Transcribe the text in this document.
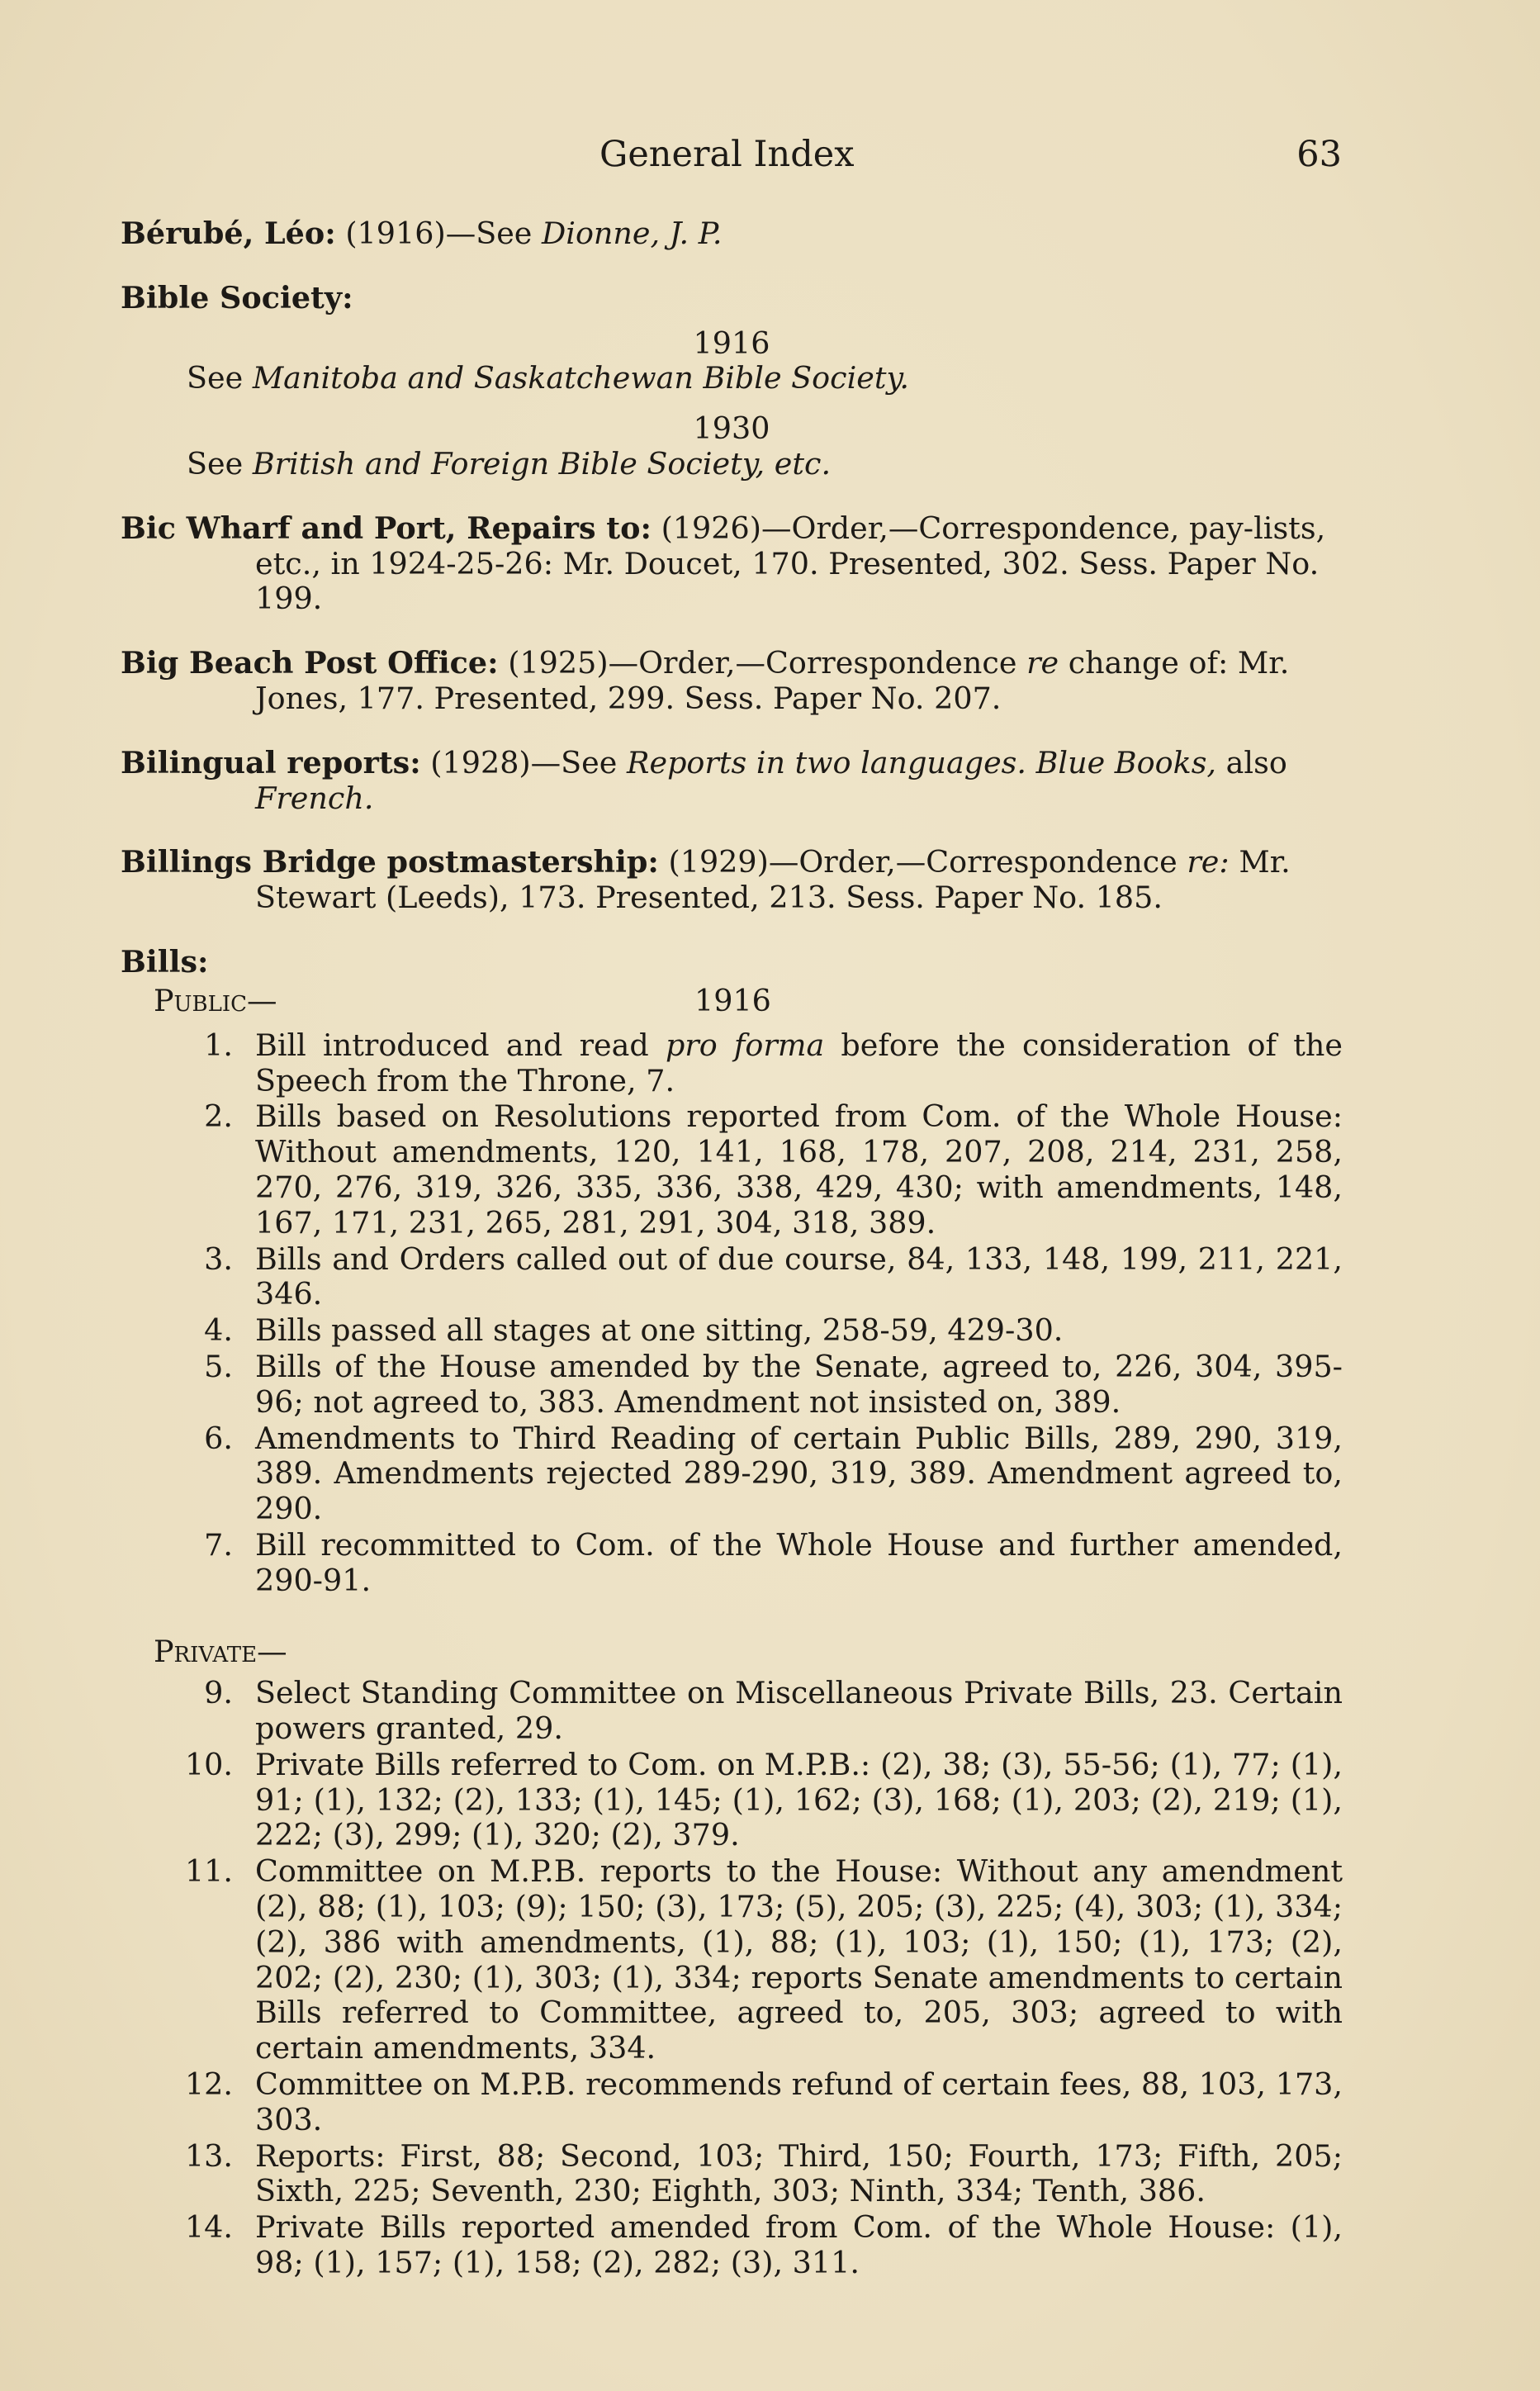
General Index	63
Bérubé, Léo: (1916)—See Dionne, J. P.
Bible Society:
1916
See Manitoba and Saskatchewan Bible Society.
1930
See British and Foreign Bible Society, etc.
Bic Wharf and Port, Repairs to: (1926)—Order,—Correspondence, pay-lists, etc., in 1924-25-26: Mr. Doucet, 170. Presented, 302. Sess. Paper No. 199.
Big Beach Post Office: (1925)—Order,—Correspondence re change of: Mr. Jones, 177. Presented, 299. Sess. Paper No. 207.
Bilingual reports: (1928)—See Reports in two languages. Blue Books, also French.
Billings Bridge postmastership: (1929)—Order,—Correspondence re: Mr. Stewart (Leeds), 173. Presented, 213. Sess. Paper No. 185.
Bills:
Public—	1916
1. Bill introduced and read pro forma before the consideration of the Speech from the Throne, 7.
2. Bills based on Resolutions reported from Com. of the Whole House: Without amendments, 120, 141, 168, 178, 207, 208, 214, 231, 258, 270, 276, 319, 326, 335, 336, 338, 429, 430; with amendments, 148, 167, 171, 231, 265, 281, 291, 304, 318, 389.
3. Bills and Orders called out of due course, 84, 133, 148, 199, 211, 221, 346.
4. Bills passed all stages at one sitting, 258-59, 429-30.
5. Bills of the House amended by the Senate, agreed to, 226, 304, 395-96; not agreed to, 383. Amendment not insisted on, 389.
6. Amendments to Third Reading of certain Public Bills, 289, 290, 319, 389. Amendments rejected 289-290, 319, 389. Amendment agreed to, 290.
7. Bill recommitted to Com. of the Whole House and further amended, 290-91.
Private—
9. Select Standing Committee on Miscellaneous Private Bills, 23. Certain powers granted, 29.
10. Private Bills referred to Com. on M.P.B.: (2), 38; (3), 55-56; (1), 77; (1), 91; (1), 132; (2), 133; (1), 145; (1), 162; (3), 168; (1), 203; (2), 219; (1), 222; (3), 299; (1), 320; (2), 379.
11. Committee on M.P.B. reports to the House: Without any amendment (2), 88; (1), 103; (9); 150; (3), 173; (5), 205; (3), 225; (4), 303; (1), 334; (2), 386 with amendments, (1), 88; (1), 103; (1), 150; (1), 173; (2), 202; (2), 230; (1), 303; (1), 334; reports Senate amendments to certain Bills referred to Committee, agreed to, 205, 303; agreed to with certain amendments, 334.
12. Committee on M.P.B. recommends refund of certain fees, 88, 103, 173, 303.
13. Reports: First, 88; Second, 103; Third, 150; Fourth, 173; Fifth, 205; Sixth, 225; Seventh, 230; Eighth, 303; Ninth, 334; Tenth, 386.
14. Private Bills reported amended from Com. of the Whole House: (1), 98; (1), 157; (1), 158; (2), 282; (3), 311.
